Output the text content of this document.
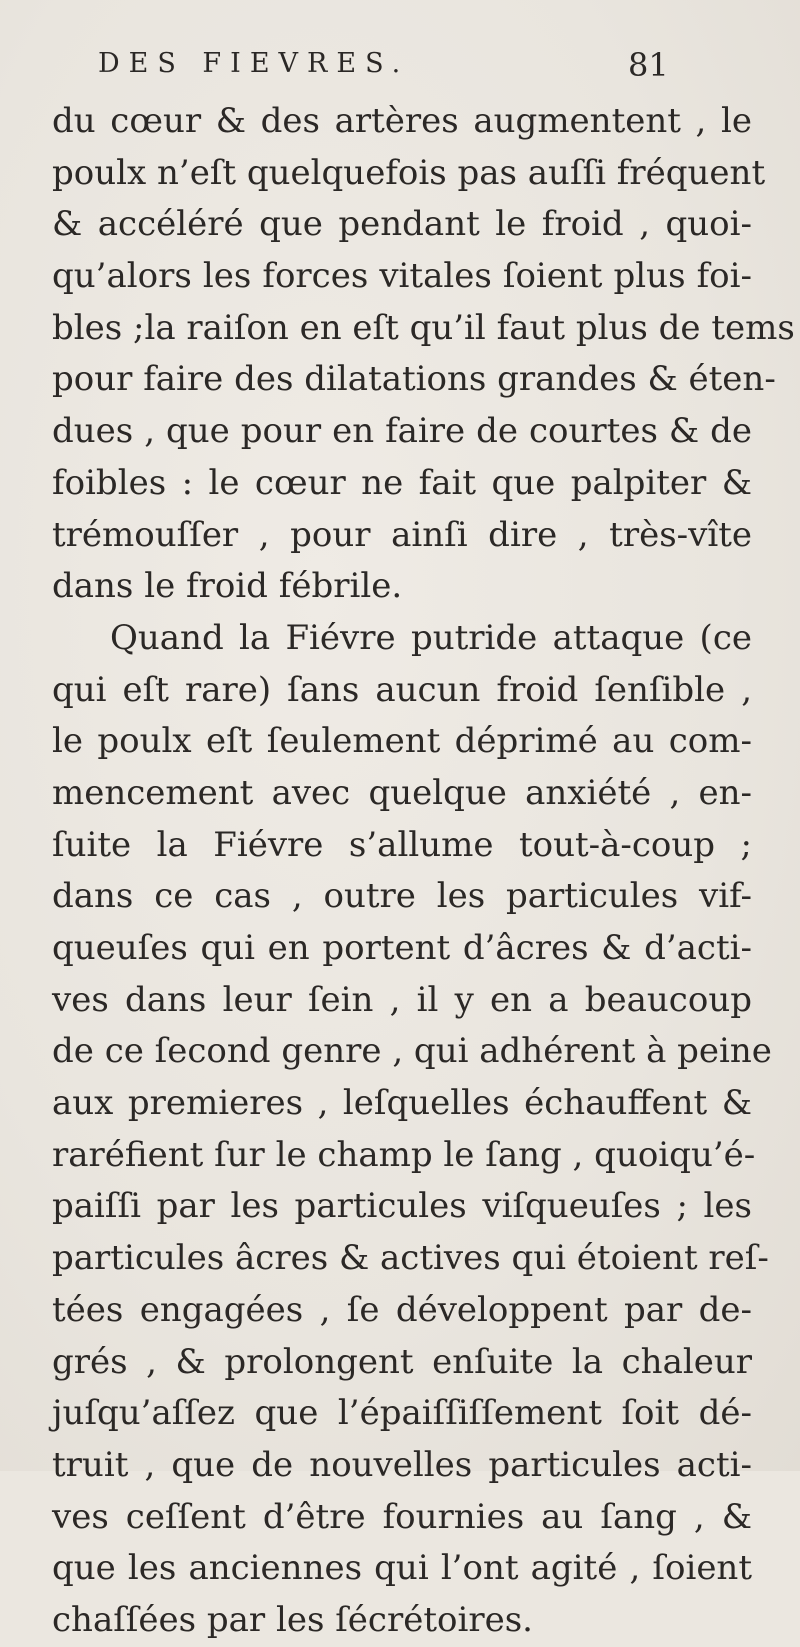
DES FIEVRES.	81
du cœur & des artères augmentent , le
poulx n’eſt quelquefois pas auſſi fréquent
& accéléré que pendant le froid , quoi-
qu’alors les forces vitales ſoient plus foi-
bles ;la raiſon en eſt qu’il faut plus de tems
pour faire des dilatations grandes & éten-
dues , que pour en faire de courtes & de
foibles : le cœur ne fait que palpiter &
trémouſſer , pour ainſi dire , très-vîte
dans le froid fébrile.
Quand la Fiévre putride attaque (ce
qui eſt rare) ſans aucun froid ſenſible ,
le poulx eſt ſeulement déprimé au com-
mencement avec quelque anxiété , en-
ſuite la Fiévre s’allume tout-à-coup ;
dans ce cas , outre les particules vif-
queuſes qui en portent d’âcres & d’acti-
ves dans leur ſein , il y en a beaucoup
de ce ſecond genre , qui adhérent à peine
aux premieres , leſquelles échauffent &
raréfient ſur le champ le ſang , quoiqu’é-
paiſſi par les particules viſqueuſes ; les
particules âcres & actives qui étoient reſ-
tées engagées , ſe développent par de-
grés , & prolongent enſuite la chaleur
juſqu’aſſez que l’épaiſſiſſement ſoit dé-
truit , que de nouvelles particules acti-
ves ceſſent d’être fournies au ſang , &
que les anciennes qui l’ont agité , ſoient
chaſſées par les ſécrétoires.
